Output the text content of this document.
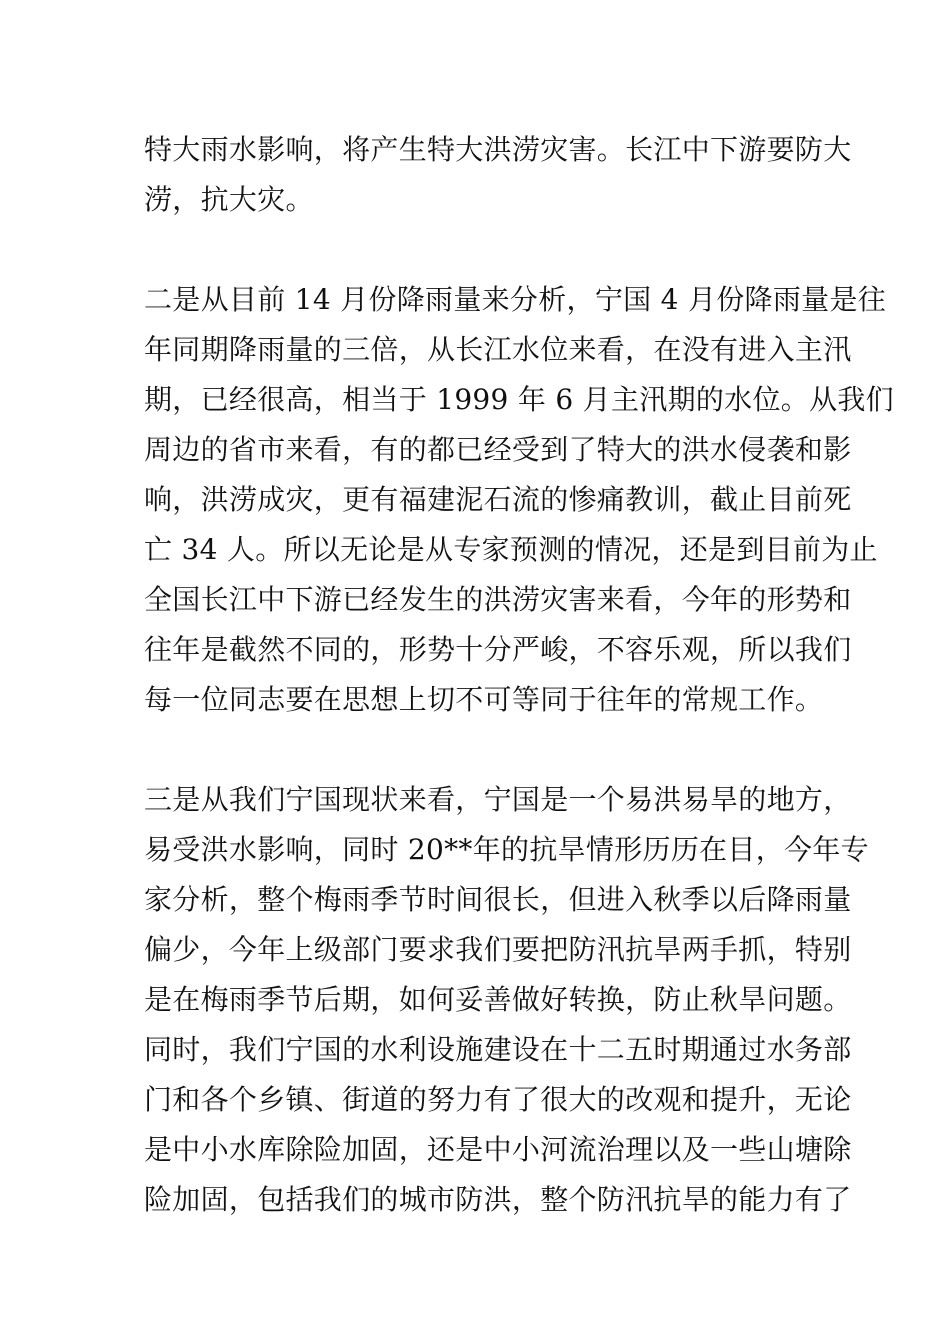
特大雨水影响，将产生特大洪涝灾害。长江中下游要防大
涝，抗大灾。
二是从目前 14 月份降雨量来分析，宁国 4 月份降雨量是往
年同期降雨量的三倍，从长江水位来看，在没有进入主汛
期，已经很高，相当于 1999 年 6 月主汛期的水位。从我们
周边的省市来看，有的都已经受到了特大的洪水侵袭和影
响，洪涝成灾，更有福建泥石流的惨痛教训，截止目前死
亡 34 人。所以无论是从专家预测的情况，还是到目前为止
全国长江中下游已经发生的洪涝灾害来看，今年的形势和
往年是截然不同的，形势十分严峻，不容乐观，所以我们
每一位同志要在思想上切不可等同于往年的常规工作。
三是从我们宁国现状来看，宁国是一个易洪易旱的地方，
易受洪水影响，同时 20**年的抗旱情形历历在目，今年专
家分析，整个梅雨季节时间很长，但进入秋季以后降雨量
偏少，今年上级部门要求我们要把防汛抗旱两手抓，特别
是在梅雨季节后期，如何妥善做好转换，防止秋旱问题。
同时，我们宁国的水利设施建设在十二五时期通过水务部
门和各个乡镇、街道的努力有了很大的改观和提升，无论
是中小水库除险加固，还是中小河流治理以及一些山塘除
险加固，包括我们的城市防洪，整个防汛抗旱的能力有了
